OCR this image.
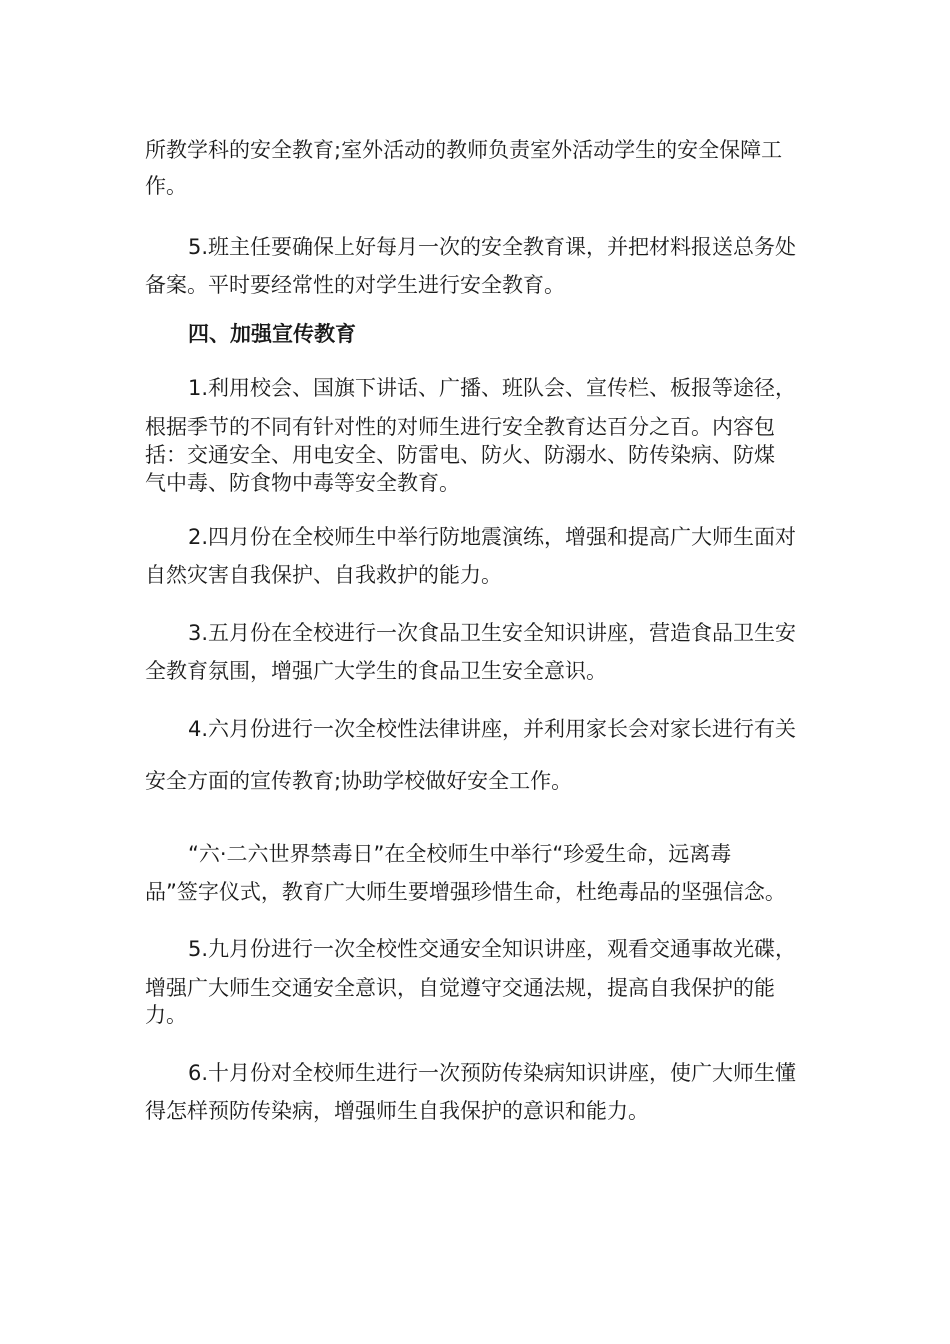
所教学科的安全教育;室外活动的教师负责室外活动学生的安全保障工
作。
5.班主任要确保上好每月一次的安全教育课，并把材料报送总务处
备案。平时要经常性的对学生进行安全教育。
四、加强宣传教育
1.利用校会、国旗下讲话、广播、班队会、宣传栏、板报等途径，
根据季节的不同有针对性的对师生进行安全教育达百分之百。内容包
括：交通安全、用电安全、防雷电、防火、防溺水、防传染病、防煤
气中毒、防食物中毒等安全教育。
2.四月份在全校师生中举行防地震演练，增强和提高广大师生面对
自然灾害自我保护、自我救护的能力。
3.五月份在全校进行一次食品卫生安全知识讲座，营造食品卫生安
全教育氛围，增强广大学生的食品卫生安全意识。
4.六月份进行一次全校性法律讲座，并利用家长会对家长进行有关
安全方面的宣传教育;协助学校做好安全工作。
“六·二六世界禁毒日”在全校师生中举行“珍爱生命，远离毒
品”签字仪式，教育广大师生要增强珍惜生命，杜绝毒品的坚强信念。
5.九月份进行一次全校性交通安全知识讲座，观看交通事故光碟，
增强广大师生交通安全意识，自觉遵守交通法规，提高自我保护的能
力。
6.十月份对全校师生进行一次预防传染病知识讲座，使广大师生懂
得怎样预防传染病，增强师生自我保护的意识和能力。
